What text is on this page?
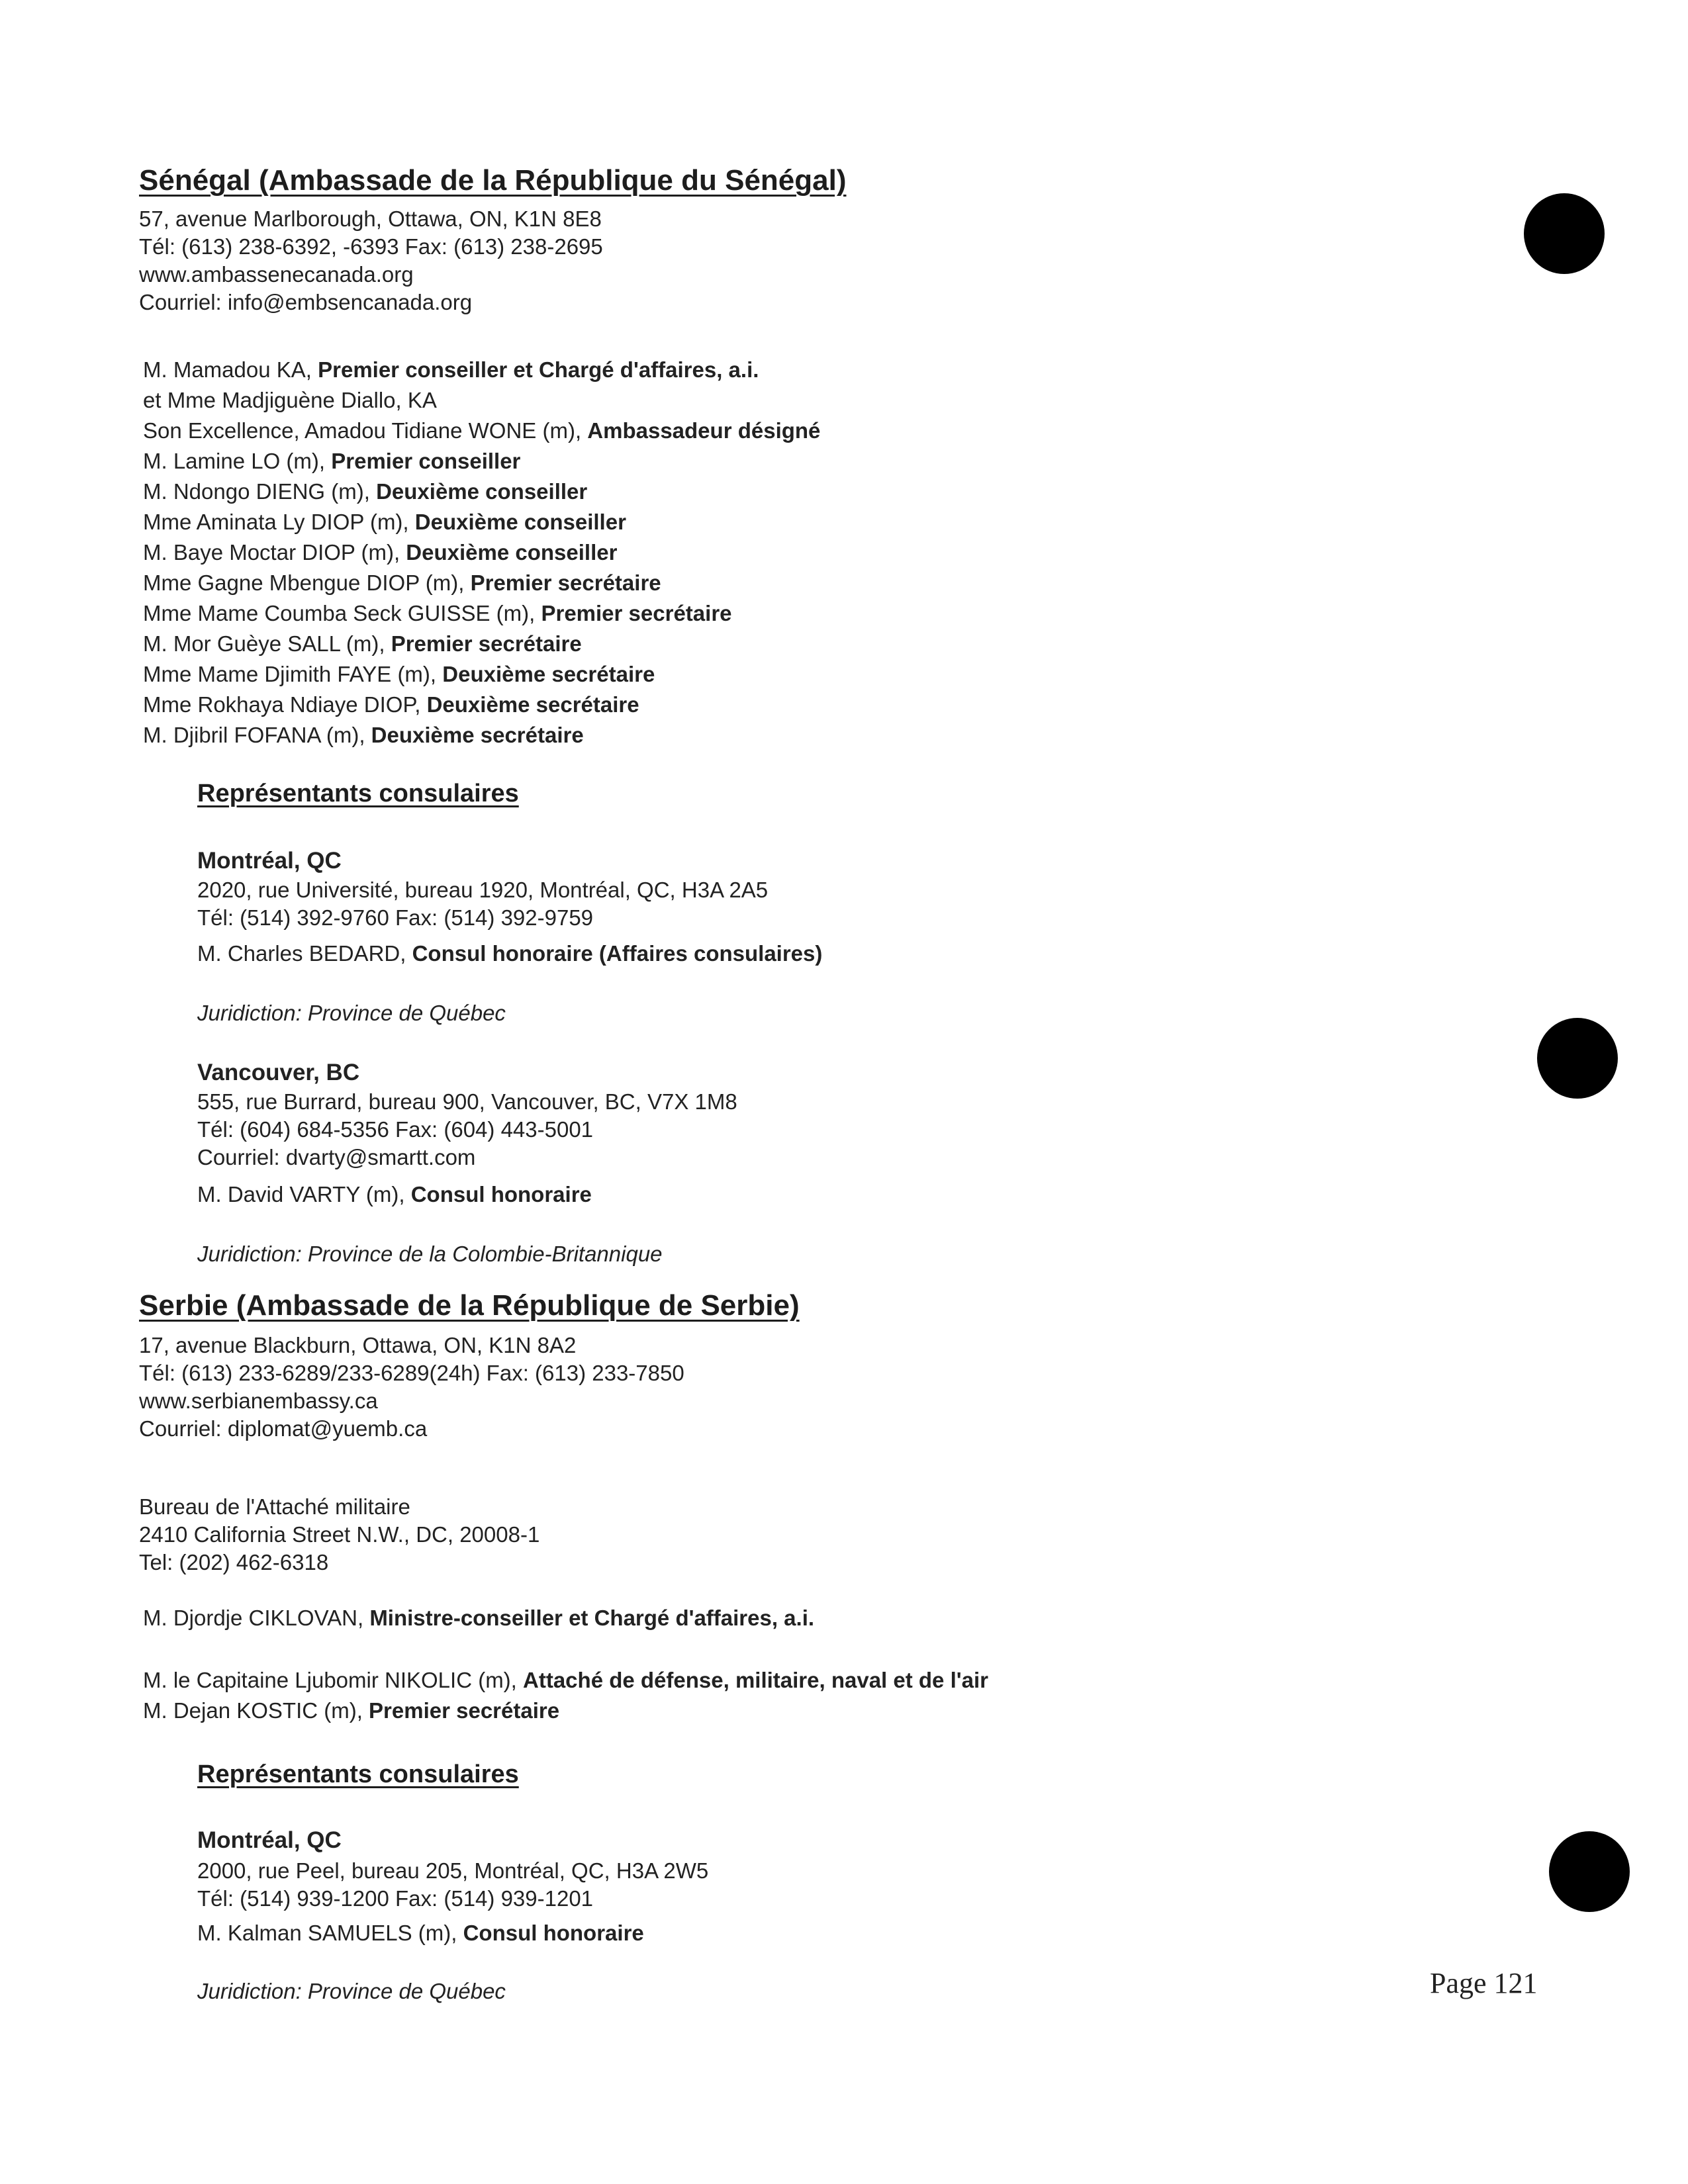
Sénégal (Ambassade de la République du Sénégal)
57, avenue Marlborough, Ottawa, ON, K1N 8E8
Tél: (613) 238-6392, -6393 Fax: (613) 238-2695
www.ambassenecanada.org
Courriel: info@embsencanada.org
M. Mamadou KA, Premier conseiller et Chargé d'affaires, a.i.
et Mme Madjiguène Diallo, KA
Son Excellence, Amadou Tidiane WONE (m), Ambassadeur désigné
M. Lamine LO (m), Premier conseiller
M. Ndongo DIENG (m), Deuxième conseiller
Mme Aminata Ly DIOP (m), Deuxième conseiller
M. Baye Moctar DIOP (m), Deuxième conseiller
Mme Gagne Mbengue DIOP (m), Premier secrétaire
Mme Mame Coumba Seck GUISSE (m), Premier secrétaire
M. Mor Guèye SALL (m), Premier secrétaire
Mme Mame Djimith FAYE (m), Deuxième secrétaire
Mme Rokhaya Ndiaye DIOP, Deuxième secrétaire
M. Djibril FOFANA (m), Deuxième secrétaire
Représentants consulaires
Montréal, QC
2020, rue Université, bureau 1920, Montréal, QC, H3A 2A5
Tél: (514) 392-9760 Fax: (514) 392-9759
M. Charles BEDARD, Consul honoraire (Affaires consulaires)
Juridiction: Province de Québec
Vancouver, BC
555, rue Burrard, bureau 900, Vancouver, BC, V7X 1M8
Tél: (604) 684-5356 Fax: (604) 443-5001
Courriel: dvarty@smartt.com
M. David VARTY (m), Consul honoraire
Juridiction: Province de la Colombie-Britannique
Serbie (Ambassade de la République de Serbie)
17, avenue Blackburn, Ottawa, ON, K1N 8A2
Tél: (613) 233-6289/233-6289(24h) Fax: (613) 233-7850
www.serbianembassy.ca
Courriel: diplomat@yuemb.ca
Bureau de l'Attaché militaire
2410 California Street N.W., DC, 20008-1
Tel: (202) 462-6318
M. Djordje CIKLOVAN, Ministre-conseiller et Chargé d'affaires, a.i.
M. le Capitaine Ljubomir NIKOLIC (m), Attaché de défense, militaire, naval et de l'air
M. Dejan KOSTIC (m), Premier secrétaire
Représentants consulaires
Montréal, QC
2000, rue Peel, bureau 205, Montréal, QC, H3A 2W5
Tél: (514) 939-1200 Fax: (514) 939-1201
M. Kalman SAMUELS (m), Consul honoraire
Juridiction: Province de Québec	Page 121
